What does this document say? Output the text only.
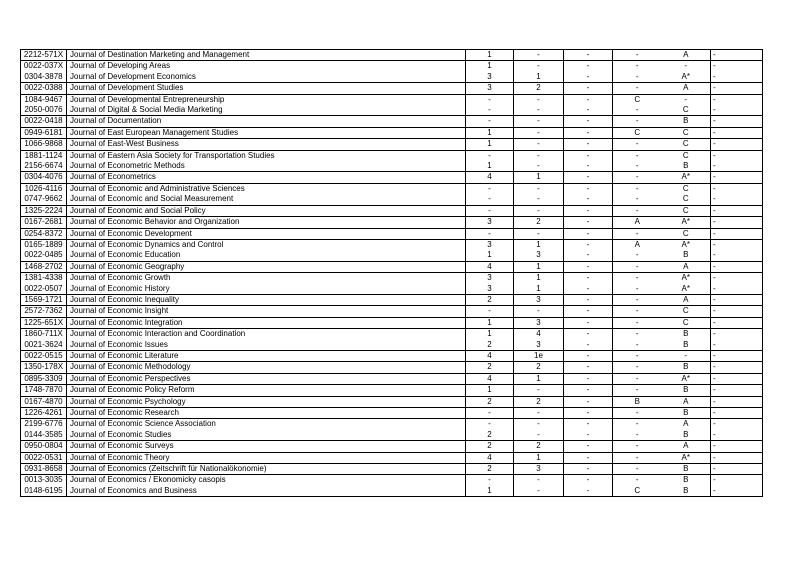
2212-571X	Journal of Destination Marketing and Management	1	-	-	-	A	-
0022-037X	Journal of Developing Areas	1	-	-	-	-	-
0304-3878	Journal of Development Economics	3	1	-	-	A*	-
0022-0388	Journal of Development Studies	3	2	-	-	A	-
1084-9467	Journal of Developmental Entrepreneurship	-	-	-	C	-	-
2050-0076	Journal of Digital & Social Media Marketing	-	-	-	-	C	-
0022-0418	Journal of Documentation	-	-	-	-	B	-
0949-6181	Journal of East European Management Studies	1	-	-	C	C	-
1066-9868	Journal of East-West Business	1	-	-	-	C	-
1881-1124	Journal of Eastern Asia Society for Transportation Studies	-	-	-	-	C	-
2156-6674	Journal of Econometric Methods	1	-	-	-	B	-
0304-4076	Journal of Econometrics	4	1	-	-	A*	-
1026-4116	Journal of Economic and Administrative Sciences	-	-	-	-	C	-
0747-9662	Journal of Economic and Social Measurement	-	-	-	-	C	-
1325-2224	Journal of Economic and Social Policy	-	-	-	-	C	-
0167-2681	Journal of Economic Behavior and Organization	3	2	-	A	A*	-
0254-8372	Journal of Economic Development	-	-	-	-	C	-
0165-1889	Journal of Economic Dynamics and Control	3	1	-	A	A*	-
0022-0485	Journal of Economic Education	1	3	-	-	B	-
1468-2702	Journal of Economic Geography	4	1	-	-	A	-
1381-4338	Journal of Economic Growth	3	1	-	-	A*	-
0022-0507	Journal of Economic History	3	1	-	-	A*	-
1569-1721	Journal of Economic Inequality	2	3	-	-	A	-
2572-7362	Journal of Economic Insight	-	-	-	-	C	-
1225-651X	Journal of Economic Integration	1	3	-	-	C	-
1860-711X	Journal of Economic Interaction and Coordination	1	4	-	-	B	-
0021-3624	Journal of Economic Issues	2	3	-	-	B	-
0022-0515	Journal of Economic Literature	4	1e	-	-	-	-
1350-178X	Journal of Economic Methodology	2	2	-	-	B	-
0895-3309	Journal of Economic Perspectives	4	1	-	-	A*	-
1748-7870	Journal of Economic Policy Reform	1	-	-	-	B	-
0167-4870	Journal of Economic Psychology	2	2	-	B	A	-
1226-4261	Journal of Economic Research	-	-	-	-	B	-
2199-6776	Journal of Economic Science Association	-	-	-	-	A	-
0144-3585	Journal of Economic Studies	2	-	-	-	B	-
0950-0804	Journal of Economic Surveys	2	2	-	-	A	-
0022-0531	Journal of Economic Theory	4	1	-	-	A*	-
0931-8658	Journal of Economics (Zeitschrift für Nationalökonomie)	2	3	-	-	B	-
0013-3035	Journal of Economics / Ekonomicky casopis	-	-	-	-	B	-
0148-6195	Journal of Economics and Business	1	-	-	C	B	-
